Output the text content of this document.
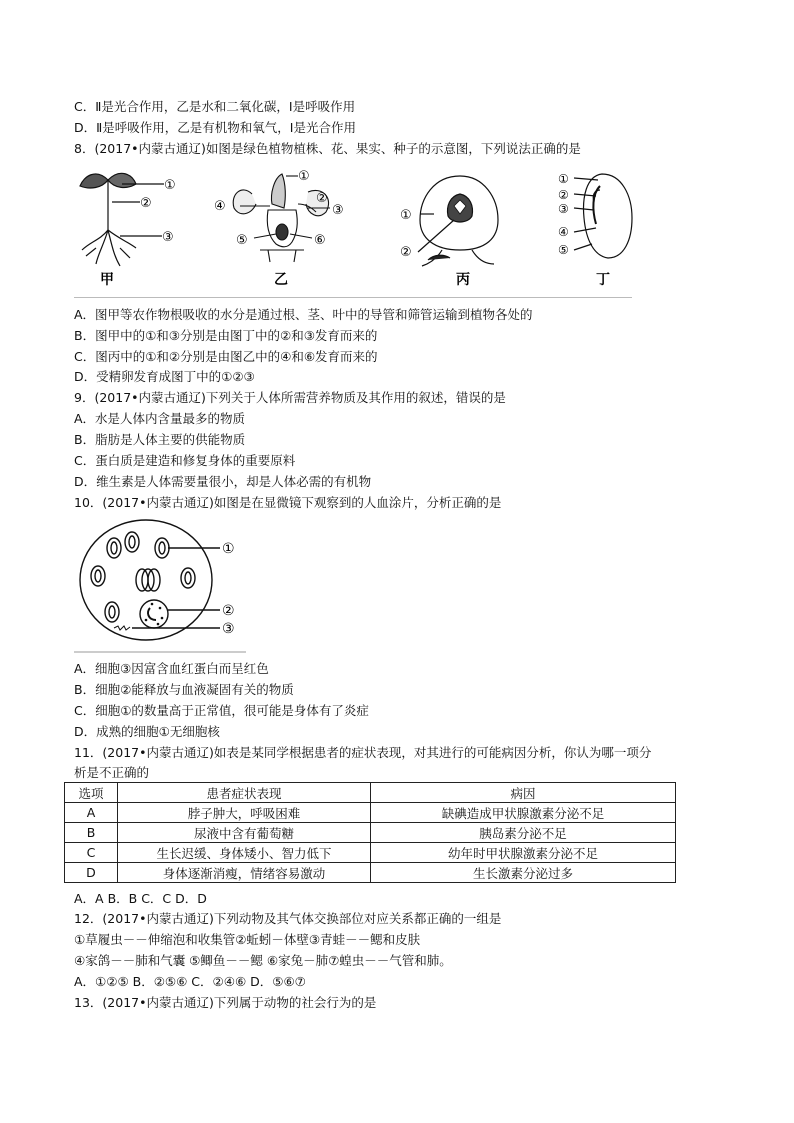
C．Ⅱ是光合作用，乙是水和二氧化碳，Ⅰ是呼吸作用
D．Ⅱ是呼吸作用，乙是有机物和氧气，Ⅰ是光合作用
8．(2017•内蒙古通辽)如图是绿色植物植株、花、果实、种子的示意图，下列说法正确的是
①
②
③
甲
①
④
②
③
⑤	⑥
乙
①
②
丙
①
②
③
④
⑤
丁
A．图甲等农作物根吸收的水分是通过根、茎、叶中的导管和筛管运输到植物各处的
B．图甲中的①和③分别是由图丁中的②和③发育而来的
C．图丙中的①和②分别是由图乙中的④和⑥发育而来的
D．受精卵发育成图丁中的①②③
9．(2017•内蒙古通辽)下列关于人体所需营养物质及其作用的叙述，错误的是
A．水是人体内含量最多的物质
B．脂肪是人体主要的供能物质
C．蛋白质是建造和修复身体的重要原料
D．维生素是人体需要量很小，却是人体必需的有机物
10．(2017•内蒙古通辽)如图是在显微镜下观察到的人血涂片，分析正确的是
①
②
③
A．细胞③因富含血红蛋白而呈红色
B．细胞②能释放与血液凝固有关的物质
C．细胞①的数量高于正常值，很可能是身体有了炎症
D．成熟的细胞①无细胞核
11．(2017•内蒙古通辽)如表是某同学根据患者的症状表现，对其进行的可能病因分析，你认为哪一项分
析是不正确的
选项	患者症状表现	病因
A	脖子肿大，呼吸困难	缺碘造成甲状腺激素分泌不足
B	尿液中含有葡萄糖	胰岛素分泌不足
C	生长迟缓、身体矮小、智力低下	幼年时甲状腺激素分泌不足
D	身体逐渐消瘦，情绪容易激动	生长激素分泌过多
A．A B．B C．C D．D
12．(2017•内蒙古通辽)下列动物及其气体交换部位对应关系都正确的一组是
①草履虫－－伸缩泡和收集管②蚯蚓－体壁③青蛙－－鳃和皮肤
④家鸽－－肺和气囊 ⑤鲫鱼－－鳃 ⑥家兔－肺⑦蝗虫－－气管和肺。
A．①②⑤ B．②⑤⑥ C．②④⑥ D．⑤⑥⑦
13．(2017•内蒙古通辽)下列属于动物的社会行为的是
